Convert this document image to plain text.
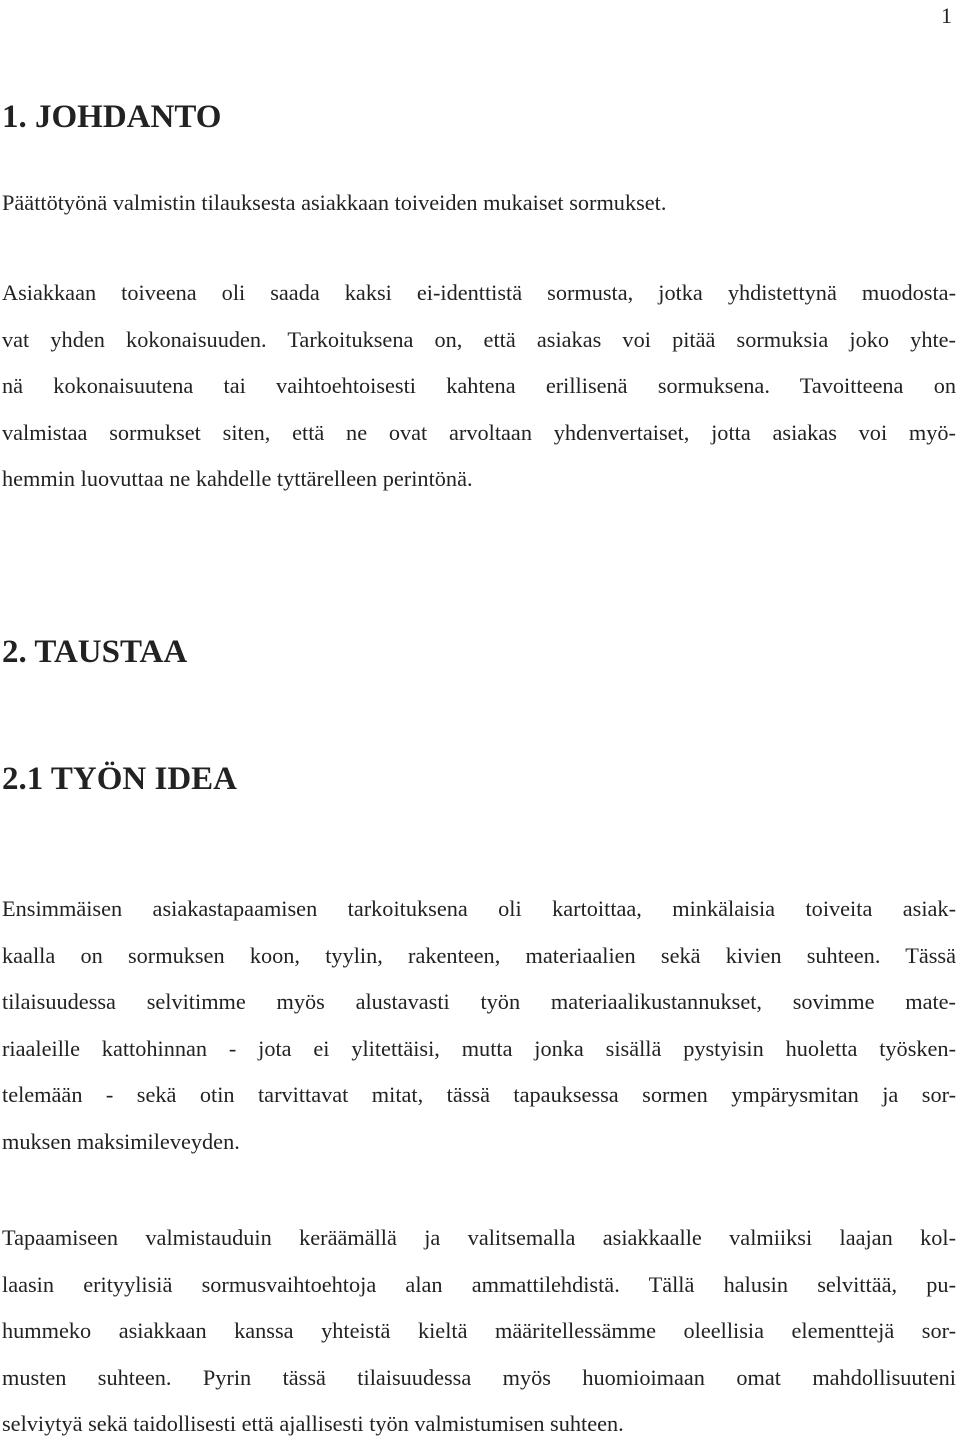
1
1. JOHDANTO

Päättötyönä valmistin tilauksesta asiakkaan toiveiden mukaiset sormukset.

Asiakkaan toiveena oli saada kaksi ei-identtistä sormusta, jotka yhdistettynä muodosta-
vat yhden kokonaisuuden. Tarkoituksena on, että asiakas voi pitää sormuksia joko yhte-
nä kokonaisuutena tai vaihtoehtoisesti kahtena erillisenä sormuksena. Tavoitteena on
valmistaa sormukset siten, että ne ovat arvoltaan yhdenvertaiset, jotta asiakas voi myö-
hemmin luovuttaa ne kahdelle tyttärelleen perintönä.
2. TAUSTAA
2.1 TYÖN IDEA
Ensimmäisen asiakastapaamisen tarkoituksena oli kartoittaa, minkälaisia toiveita asiak-
kaalla on sormuksen koon, tyylin, rakenteen, materiaalien sekä kivien suhteen. Tässä
tilaisuudessa selvitimme myös alustavasti työn materiaalikustannukset, sovimme mate-
riaaleille kattohinnan - jota ei ylitettäisi, mutta jonka sisällä pystyisin huoletta työsken-
telemään - sekä otin tarvittavat mitat, tässä tapauksessa sormen ympärysmitan ja sor-
muksen maksimileveyden.
Tapaamiseen valmistauduin keräämällä ja valitsemalla asiakkaalle valmiiksi laajan kol-
laasin erityylisiä sormusvaihtoehtoja alan ammattilehdistä. Tällä halusin selvittää, pu-
hummeko asiakkaan kanssa yhteistä kieltä määritellessämme oleellisia elementtejä sor-
musten suhteen. Pyrin tässä tilaisuudessa myös huomioimaan omat mahdollisuuteni
selviytyä sekä taidollisesti että ajallisesti työn valmistumisen suhteen.
